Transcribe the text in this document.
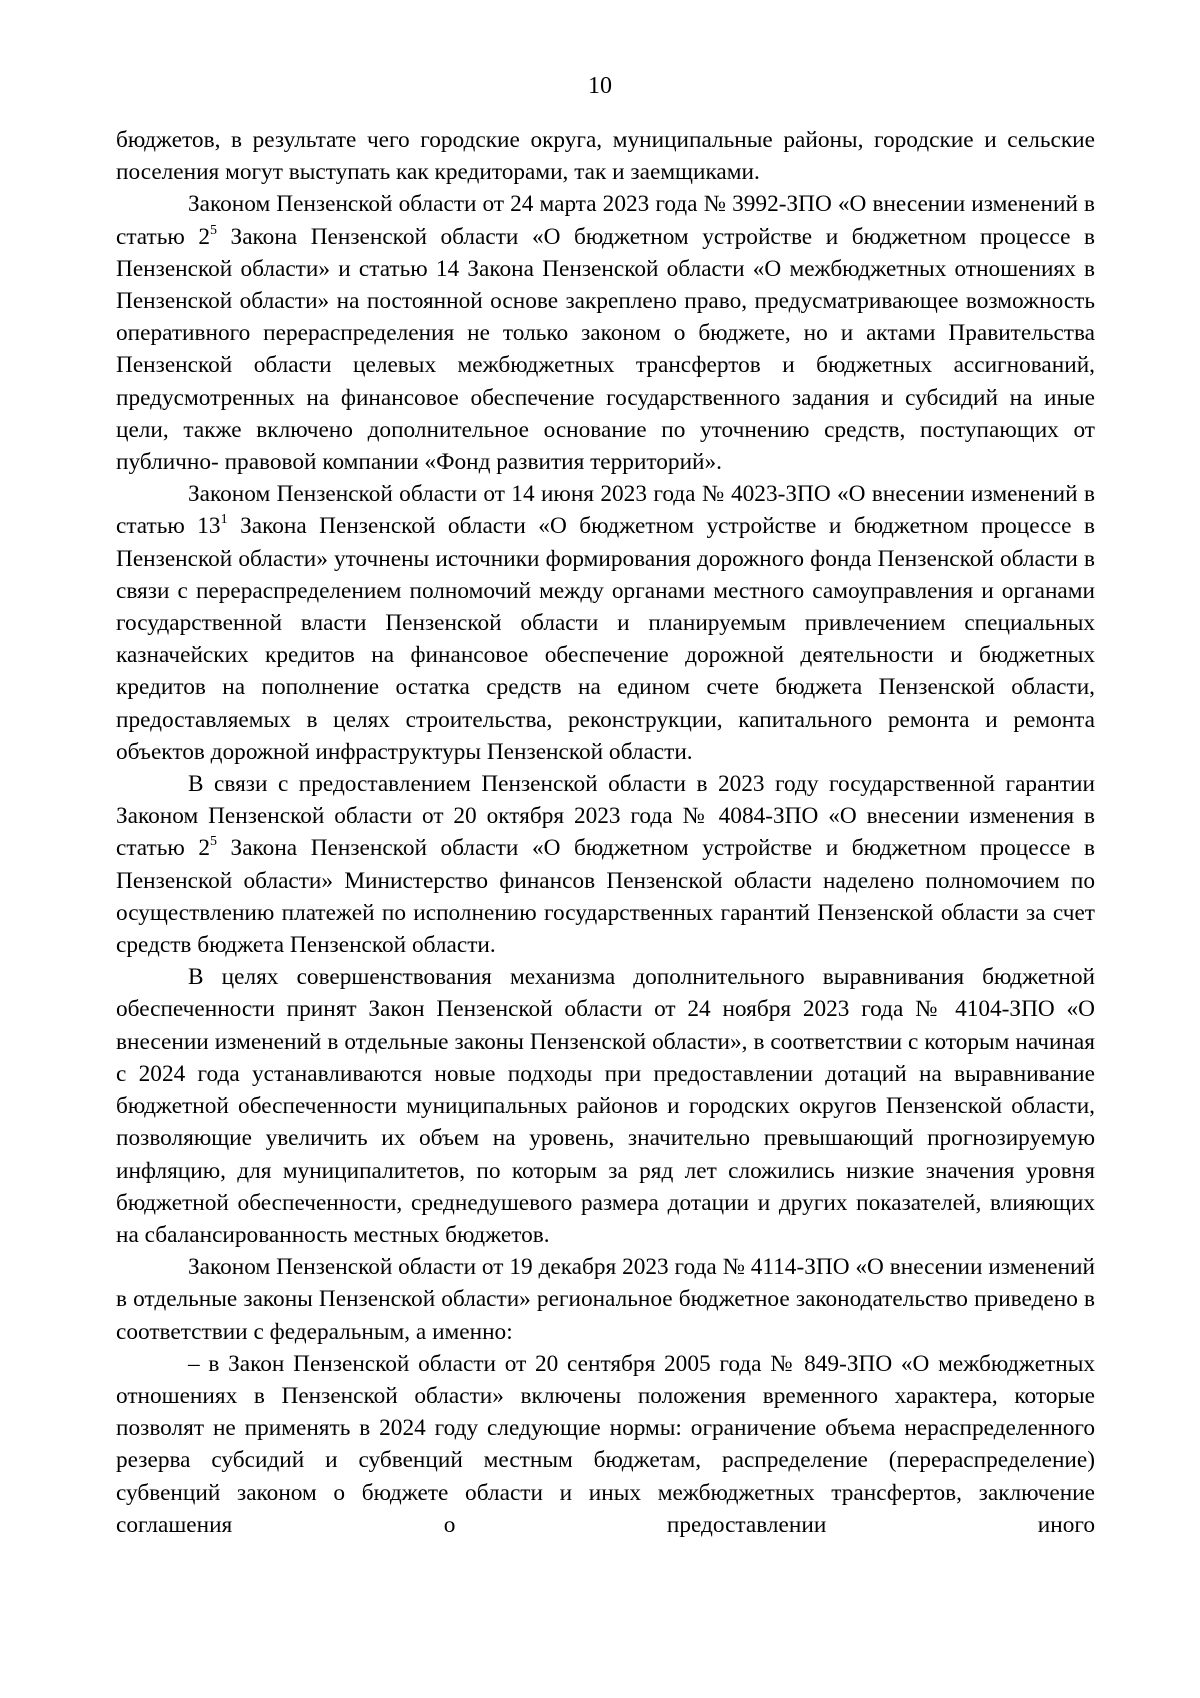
10

бюджетов, в результате чего городские округа, муниципальные районы, городские и сельские поселения могут выступать как кредиторами, так и заемщиками.

Законом Пензенской области от 24 марта 2023 года № 3992-ЗПО «О внесении изменений в статью $2^5$ Закона Пензенской области «О бюджетном устройстве и бюджетном процессе в Пензенской области» и статью 14 Закона Пензенской области «О межбюджетных отношениях в Пензенской области» на постоянной основе закреплено право, предусматривающее возможность оперативного перераспределения не только законом о бюджете, но и актами Правительства Пензенской области целевых межбюджетных трансфертов и бюджетных ассигнований, предусмотренных на финансовое обеспечение государственного задания и субсидий на иные цели, также включено дополнительное основание по уточнению средств, поступающих от публично- правовой компании «Фонд развития территорий».

Законом Пензенской области от 14 июня 2023 года № 4023-ЗПО «О внесении изменений в статью $13^1$ Закона Пензенской области «О бюджетном устройстве и бюджетном процессе в Пензенской области» уточнены источники формирования дорожного фонда Пензенской области в связи с перераспределением полномочий между органами местного самоуправления и органами государственной власти Пензенской области и планируемым привлечением специальных казначейских кредитов на финансовое обеспечение дорожной деятельности и бюджетных кредитов на пополнение остатка средств на едином счете бюджета Пензенской области, предоставляемых в целях строительства, реконструкции, капитального ремонта и ремонта объектов дорожной инфраструктуры Пензенской области.

В связи с предоставлением Пензенской области в 2023 году государственной гарантии Законом Пензенской области от 20 октября 2023 года № 4084-ЗПО «О внесении изменения в статью $2^5$ Закона Пензенской области «О бюджетном устройстве и бюджетном процессе в Пензенской области» Министерство финансов Пензенской области наделено полномочием по осуществлению платежей по исполнению государственных гарантий Пензенской области за счет средств бюджета Пензенской области.

В целях совершенствования механизма дополнительного выравнивания бюджетной обеспеченности принят Закон Пензенской области от 24 ноября 2023 года № 4104-ЗПО «О внесении изменений в отдельные законы Пензенской области», в соответствии с которым начиная с 2024 года устанавливаются новые подходы при предоставлении дотаций на выравнивание бюджетной обеспеченности муниципальных районов и городских округов Пензенской области, позволяющие увеличить их объем на уровень, значительно превышающий прогнозируемую инфляцию, для муниципалитетов, по которым за ряд лет сложились низкие значения уровня бюджетной обеспеченности, среднедушевого размера дотации и других показателей, влияющих на сбалансированность местных бюджетов.

Законом Пензенской области от 19 декабря 2023 года № 4114-ЗПО «О внесении изменений в отдельные законы Пензенской области» региональное бюджетное законодательство приведено в соответствии с федеральным, а именно:

– в Закон Пензенской области от 20 сентября 2005 года № 849-ЗПО «О межбюджетных отношениях в Пензенской области» включены положения временного характера, которые позволят не применять в 2024 году следующие нормы: ограничение объема нераспределенного резерва субсидий и субвенций местным бюджетам, распределение (перераспределение) субвенций законом о бюджете области и иных межбюджетных трансфертов, заключение соглашения о предоставлении иного
